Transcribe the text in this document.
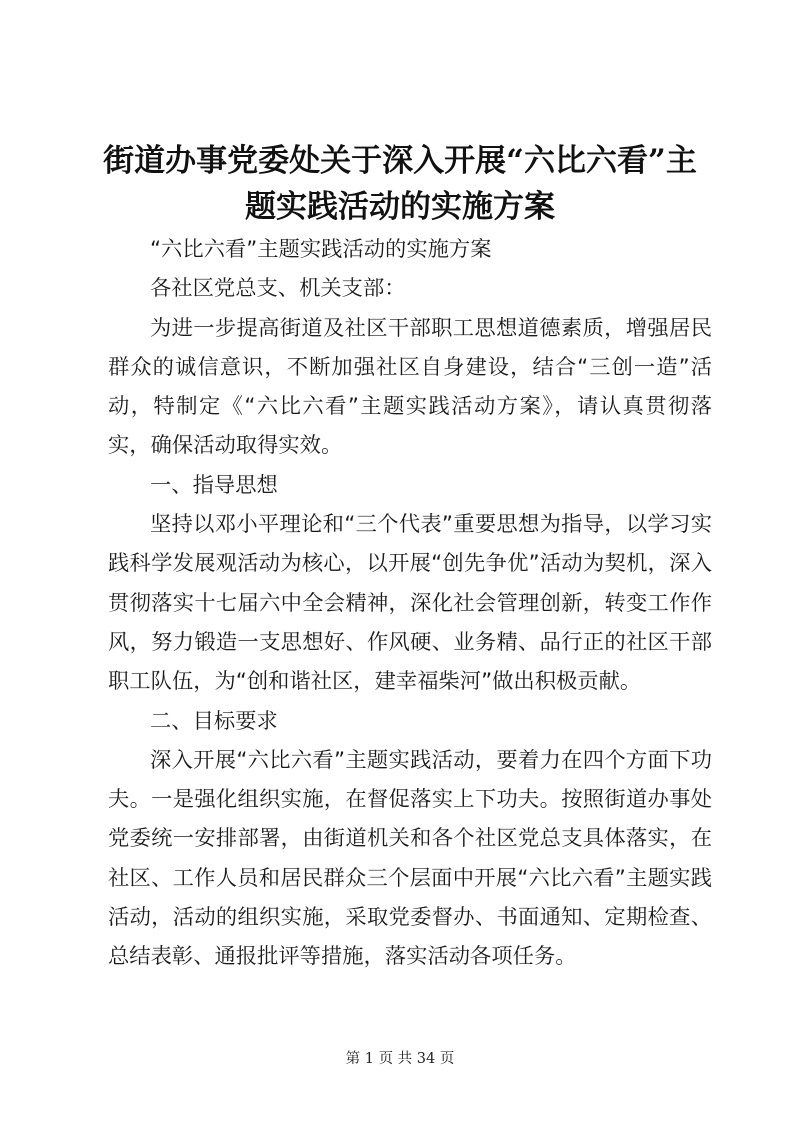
街道办事党委处关于深入开展“六比六看”主题实践活动的实施方案

“六比六看”主题实践活动的实施方案

各社区党总支、机关支部：

为进一步提高街道及社区干部职工思想道德素质，增强居民群众的诚信意识，不断加强社区自身建设，结合“三创一造”活动，特制定《“六比六看”主题实践活动方案》，请认真贯彻落实，确保活动取得实效。

一、指导思想

坚持以邓小平理论和“三个代表”重要思想为指导，以学习实践科学发展观活动为核心，以开展“创先争优”活动为契机，深入贯彻落实十七届六中全会精神，深化社会管理创新，转变工作作风，努力锻造一支思想好、作风硬、业务精、品行正的社区干部职工队伍，为“创和谐社区，建幸福柴河”做出积极贡献。

二、目标要求

深入开展“六比六看”主题实践活动，要着力在四个方面下功夫。一是强化组织实施，在督促落实上下功夫。按照街道办事处党委统一安排部署，由街道机关和各个社区党总支具体落实，在社区、工作人员和居民群众三个层面中开展“六比六看”主题实践活动，活动的组织实施，采取党委督办、书面通知、定期检查、总结表彰、通报批评等措施，落实活动各项任务。

第 1 页 共 34 页
